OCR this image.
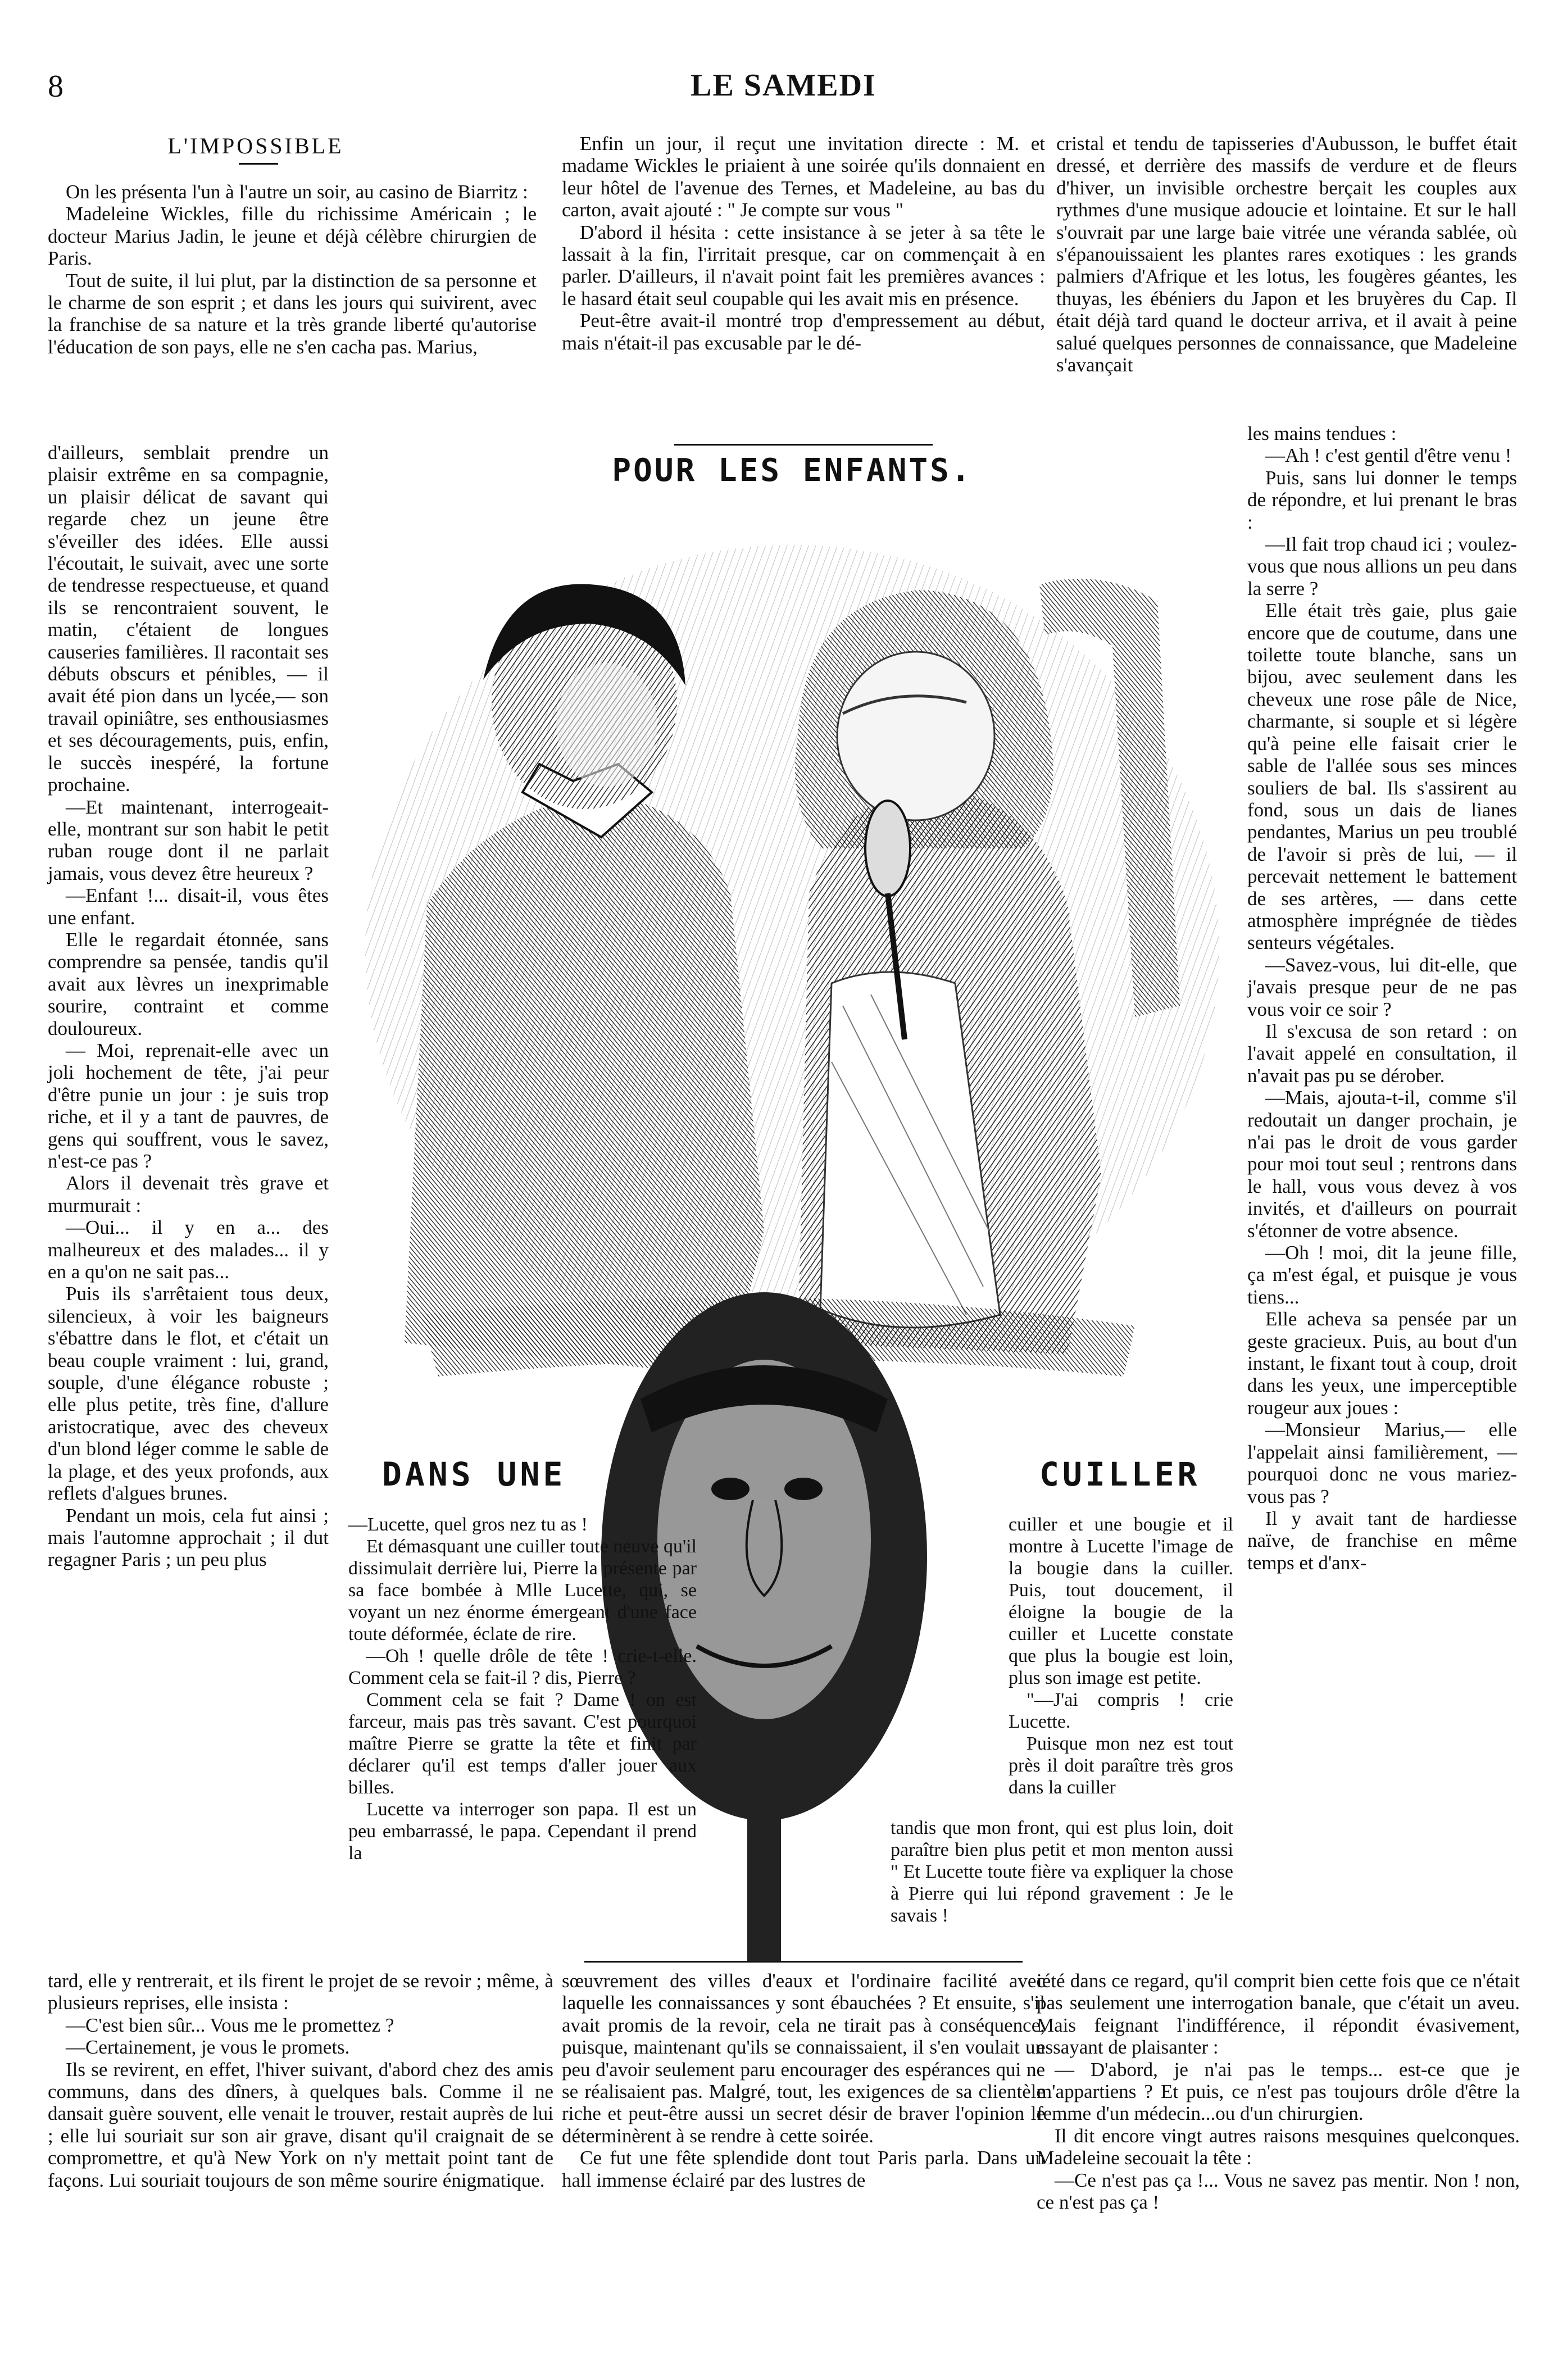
8	LE SAMEDI
L'IMPOSSIBLE

On les présenta l'un à l'autre un soir, au casino de Biarritz :

Madeleine Wickles, fille du richissime Américain ; le docteur Marius Jadin, le jeune et déjà célèbre chirurgien de Paris.

Tout de suite, il lui plut, par la distinction de sa personne et le charme de son esprit ; et dans les jours qui suivirent, avec la franchise de sa nature et la très grande liberté qu'autorise l'éducation de son pays, elle ne s'en cacha pas. Marius,

d'ailleurs, semblait prendre un plaisir extrême en sa compagnie, un plaisir délicat de savant qui regarde chez un jeune être s'éveiller des idées. Elle aussi l'écoutait, le suivait, avec une sorte de tendresse respectueuse, et quand ils se rencontraient souvent, le matin, c'étaient de longues causeries familières. Il racontait ses débuts obscurs et pénibles, — il avait été pion dans un lycée,— son travail opiniâtre, ses enthousiasmes et ses découragements, puis, enfin, le succès inespéré, la fortune prochaine.

—Et maintenant, interrogeait-elle, montrant sur son habit le petit ruban rouge dont il ne parlait jamais, vous devez être heureux ?

—Enfant !... disait-il, vous êtes une enfant.

Elle le regardait étonnée, sans comprendre sa pensée, tandis qu'il avait aux lèvres un inexprimable sourire, contraint et comme douloureux.

— Moi, reprenait-elle avec un joli hochement de tête, j'ai peur d'être punie un jour : je suis trop riche, et il y a tant de pauvres, de gens qui souffrent, vous le savez, n'est-ce pas ?

Alors il devenait très grave et murmurait :

—Oui... il y en a... des malheureux et des malades... il y en a qu'on ne sait pas...

Puis ils s'arrêtaient tous deux, silencieux, à voir les baigneurs s'ébattre dans le flot, et c'était un beau couple vraiment : lui, grand, souple, d'une élégance robuste ; elle plus petite, très fine, d'allure aristocratique, avec des cheveux d'un blond léger comme le sable de la plage, et des yeux profonds, aux reflets d'algues brunes.

Pendant un mois, cela fut ainsi ; mais l'automne approchait ; il dut regagner Paris ; un peu plus

tard, elle y rentrerait, et ils firent le projet de se revoir ; même, à plusieurs reprises, elle insista :

—C'est bien sûr... Vous me le promettez ?

—Certainement, je vous le promets.

Ils se revirent, en effet, l'hiver suivant, d'abord chez des amis communs, dans des dîners, à quelques bals. Comme il ne dansait guère souvent, elle venait le trouver, restait auprès de lui ; elle lui souriait sur son air grave, disant qu'il craignait de se compromettre, et qu'à New York on n'y mettait point tant de façons. Lui souriait toujours de son même sourire énigmatique.

Enfin un jour, il reçut une invitation directe : M. et madame Wickles le priaient à une soirée qu'ils donnaient en leur hôtel de l'avenue des Ternes, et Madeleine, au bas du carton, avait ajouté : " Je compte sur vous "

D'abord il hésita : cette insistance à se jeter à sa tête le lassait à la fin, l'irritait presque, car on commençait à en parler. D'ailleurs, il n'avait point fait les premières avances : le hasard était seul coupable qui les avait mis en présence.

Peut-être avait-il montré trop d'empressement au début, mais n'était-il pas excusable par le dé-

sœuvrement des villes d'eaux et l'ordinaire facilité avec laquelle les connaissances y sont ébauchées ? Et ensuite, s'il avait promis de la revoir, cela ne tirait pas à conséquence, puisque, maintenant qu'ils se connaissaient, il s'en voulait un peu d'avoir seulement paru encourager des espérances qui ne se réalisaient pas. Malgré, tout, les exigences de sa clientèle riche et peut-être aussi un secret désir de braver l'opinion le déterminèrent à se rendre à cette soirée.

Ce fut une fête splendide dont tout Paris parla. Dans un hall immense éclairé par des lustres de

cristal et tendu de tapisseries d'Aubusson, le buffet était dressé, et derrière des massifs de verdure et de fleurs d'hiver, un invisible orchestre berçait les couples aux rythmes d'une musique adoucie et lointaine. Et sur le hall s'ouvrait par une large baie vitrée une véranda sablée, où s'épanouissaient les plantes rares exotiques : les grands palmiers d'Afrique et les lotus, les fougères géantes, les thuyas, les ébéniers du Japon et les bruyères du Cap. Il était déjà tard quand le docteur arriva, et il avait à peine salué quelques personnes de connaissance, que Madeleine s'avançait

les mains tendues :

—Ah ! c'est gentil d'être venu !

Puis, sans lui donner le temps de répondre, et lui prenant le bras :

—Il fait trop chaud ici ; voulez-vous que nous allions un peu dans la serre ?

Elle était très gaie, plus gaie encore que de coutume, dans une toilette toute blanche, sans un bijou, avec seulement dans les cheveux une rose pâle de Nice, charmante, si souple et si légère qu'à peine elle faisait crier le sable de l'allée sous ses minces souliers de bal. Ils s'assirent au fond, sous un dais de lianes pendantes, Marius un peu troublé de l'avoir si près de lui, — il percevait nettement le battement de ses artères, — dans cette atmosphère imprégnée de tièdes senteurs végétales.

—Savez-vous, lui dit-elle, que j'avais presque peur de ne pas vous voir ce soir ?

Il s'excusa de son retard : on l'avait appelé en consultation, il n'avait pas pu se dérober.

—Mais, ajouta-t-il, comme s'il redoutait un danger prochain, je n'ai pas le droit de vous garder pour moi tout seul ; rentrons dans le hall, vous vous devez à vos invités, et d'ailleurs on pourrait s'étonner de votre absence.

—Oh ! moi, dit la jeune fille, ça m'est égal, et puisque je vous tiens...

Elle acheva sa pensée par un geste gracieux. Puis, au bout d'un instant, le fixant tout à coup, droit dans les yeux, une imperceptible rougeur aux joues :

—Monsieur Marius,— elle l'appelait ainsi familièrement, — pourquoi donc ne vous mariez-vous pas ?

Il y avait tant de hardiesse naïve, de franchise en même temps et d'anx-

iété dans ce regard, qu'il comprit bien cette fois que ce n'était pas seulement une interrogation banale, que c'était un aveu. Mais feignant l'indifférence, il répondit évasivement, essayant de plaisanter :

— D'abord, je n'ai pas le temps... est-ce que je m'appartiens ? Et puis, ce n'est pas toujours drôle d'être la femme d'un médecin...ou d'un chirurgien.

Il dit encore vingt autres raisons mesquines quelconques. Madeleine secouait la tête :

—Ce n'est pas ça !... Vous ne savez pas mentir. Non ! non, ce n'est pas ça !

POUR LES ENFANTS.
DANS UNE	CUILLER

—Lucette, quel gros nez tu as !

Et démasquant une cuiller toute neuve qu'il dissimulait derrière lui, Pierre la présente par sa face bombée à Mlle Lucette, qui, se voyant un nez énorme émergeant d'une face toute déformée, éclate de rire.

—Oh ! quelle drôle de tête ! crie-t-elle. Comment cela se fait-il ? dis, Pierre ?

Comment cela se fait ? Dame ! on est farceur, mais pas très savant. C'est pourquoi maître Pierre se gratte la tête et finit par déclarer qu'il est temps d'aller jouer aux billes.

Lucette va interroger son papa. Il est un peu embarrassé, le papa. Cependant il prend la

cuiller et une bougie et il montre à Lucette l'image de la bougie dans la cuiller. Puis, tout doucement, il éloigne la bougie de la cuiller et Lucette constate que plus la bougie est loin, plus son image est petite.

"—J'ai compris ! crie Lucette.

Puisque mon nez est tout près il doit paraître très gros dans la cuiller

tandis que mon front, qui est plus loin, doit paraître bien plus petit et mon menton aussi " Et Lucette toute fière va expliquer la chose à Pierre qui lui répond gravement : Je le savais !
